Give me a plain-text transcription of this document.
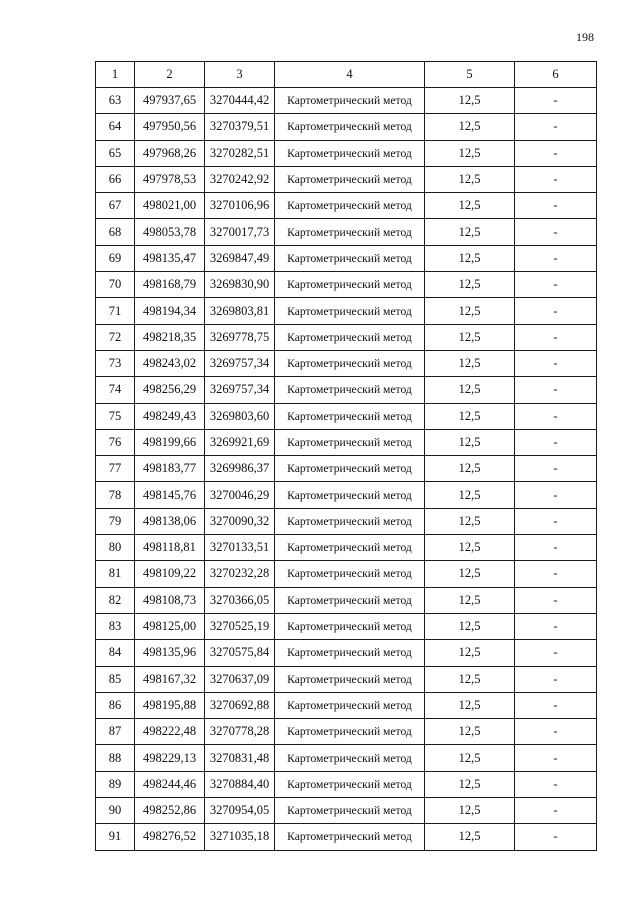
198
1	2	3	4	5	6
63	497937,65	3270444,42	Картометрический метод	12,5	-
64	497950,56	3270379,51	Картометрический метод	12,5	-
65	497968,26	3270282,51	Картометрический метод	12,5	-
66	497978,53	3270242,92	Картометрический метод	12,5	-
67	498021,00	3270106,96	Картометрический метод	12,5	-
68	498053,78	3270017,73	Картометрический метод	12,5	-
69	498135,47	3269847,49	Картометрический метод	12,5	-
70	498168,79	3269830,90	Картометрический метод	12,5	-
71	498194,34	3269803,81	Картометрический метод	12,5	-
72	498218,35	3269778,75	Картометрический метод	12,5	-
73	498243,02	3269757,34	Картометрический метод	12,5	-
74	498256,29	3269757,34	Картометрический метод	12,5	-
75	498249,43	3269803,60	Картометрический метод	12,5	-
76	498199,66	3269921,69	Картометрический метод	12,5	-
77	498183,77	3269986,37	Картометрический метод	12,5	-
78	498145,76	3270046,29	Картометрический метод	12,5	-
79	498138,06	3270090,32	Картометрический метод	12,5	-
80	498118,81	3270133,51	Картометрический метод	12,5	-
81	498109,22	3270232,28	Картометрический метод	12,5	-
82	498108,73	3270366,05	Картометрический метод	12,5	-
83	498125,00	3270525,19	Картометрический метод	12,5	-
84	498135,96	3270575,84	Картометрический метод	12,5	-
85	498167,32	3270637,09	Картометрический метод	12,5	-
86	498195,88	3270692,88	Картометрический метод	12,5	-
87	498222,48	3270778,28	Картометрический метод	12,5	-
88	498229,13	3270831,48	Картометрический метод	12,5	-
89	498244,46	3270884,40	Картометрический метод	12,5	-
90	498252,86	3270954,05	Картометрический метод	12,5	-
91	498276,52	3271035,18	Картометрический метод	12,5	-
